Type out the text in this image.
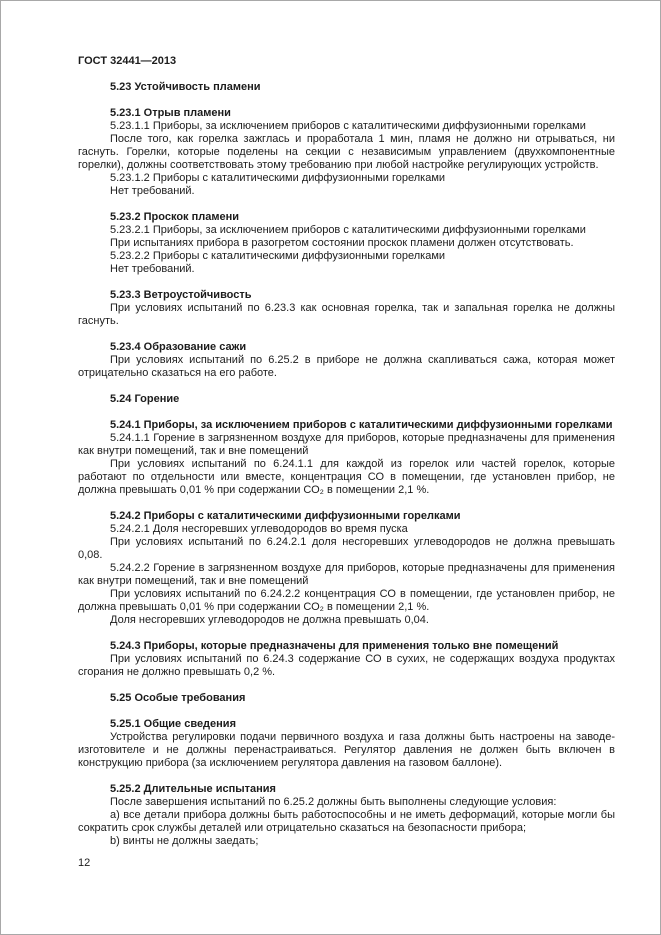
ГОСТ 32441—2013

5.23 Устойчивость пламени

5.23.1 Отрыв пламени

5.23.1.1 Приборы, за исключением приборов с каталитическими диффузионными горелками

После того, как горелка зажглась и проработала 1 мин, пламя не должно ни отрываться, ни гаснуть. Горелки, которые поделены на секции с независимым управлением (двухкомпонентные горелки), должны соответствовать этому требованию при любой настройке регулирующих устройств.

5.23.1.2 Приборы с каталитическими диффузионными горелками

Нет требований.

5.23.2 Проскок пламени

5.23.2.1 Приборы, за исключением приборов с каталитическими диффузионными горелками

При испытаниях прибора в разогретом состоянии проскок пламени должен отсутствовать.

5.23.2.2 Приборы с каталитическими диффузионными горелками

Нет требований.

5.23.3 Ветроустойчивость

При условиях испытаний по 6.23.3 как основная горелка, так и запальная горелка не должны гаснуть.

5.23.4 Образование сажи

При условиях испытаний по 6.25.2 в приборе не должна скапливаться сажа, которая может отрицательно сказаться на его работе.

5.24 Горение

5.24.1 Приборы, за исключением приборов с каталитическими диффузионными горелками

5.24.1.1 Горение в загрязненном воздухе для приборов, которые предназначены для применения как внутри помещений, так и вне помещений

При условиях испытаний по 6.24.1.1 для каждой из горелок или частей горелок, которые работают по отдельности или вместе, концентрация СО в помещении, где установлен прибор, не должна превышать 0,01 % при содержании СО₂ в помещении 2,1 %.

5.24.2 Приборы с каталитическими диффузионными горелками

5.24.2.1 Доля несгоревших углеводородов во время пуска

При условиях испытаний по 6.24.2.1 доля несгоревших углеводородов не должна превышать 0,08.

5.24.2.2 Горение в загрязненном воздухе для приборов, которые предназначены для применения как внутри помещений, так и вне помещений

При условиях испытаний по 6.24.2.2 концентрация СО в помещении, где установлен прибор, не должна превышать 0,01 % при содержании СО₂ в помещении 2,1 %.

Доля несгоревших углеводородов не должна превышать 0,04.

5.24.3 Приборы, которые предназначены для применения только вне помещений

При условиях испытаний по 6.24.3 содержание СО в сухих, не содержащих воздуха продуктах сгорания не должно превышать 0,2 %.

5.25 Особые требования

5.25.1 Общие сведения

Устройства регулировки подачи первичного воздуха и газа должны быть настроены на заводе-изготовителе и не должны перенастраиваться. Регулятор давления не должен быть включен в конструкцию прибора (за исключением регулятора давления на газовом баллоне).

5.25.2 Длительные испытания

После завершения испытаний по 6.25.2 должны быть выполнены следующие условия:

a) все детали прибора должны быть работоспособны и не иметь деформаций, которые могли бы сократить срок службы деталей или отрицательно сказаться на безопасности прибора;

b) винты не должны заедать;

12
